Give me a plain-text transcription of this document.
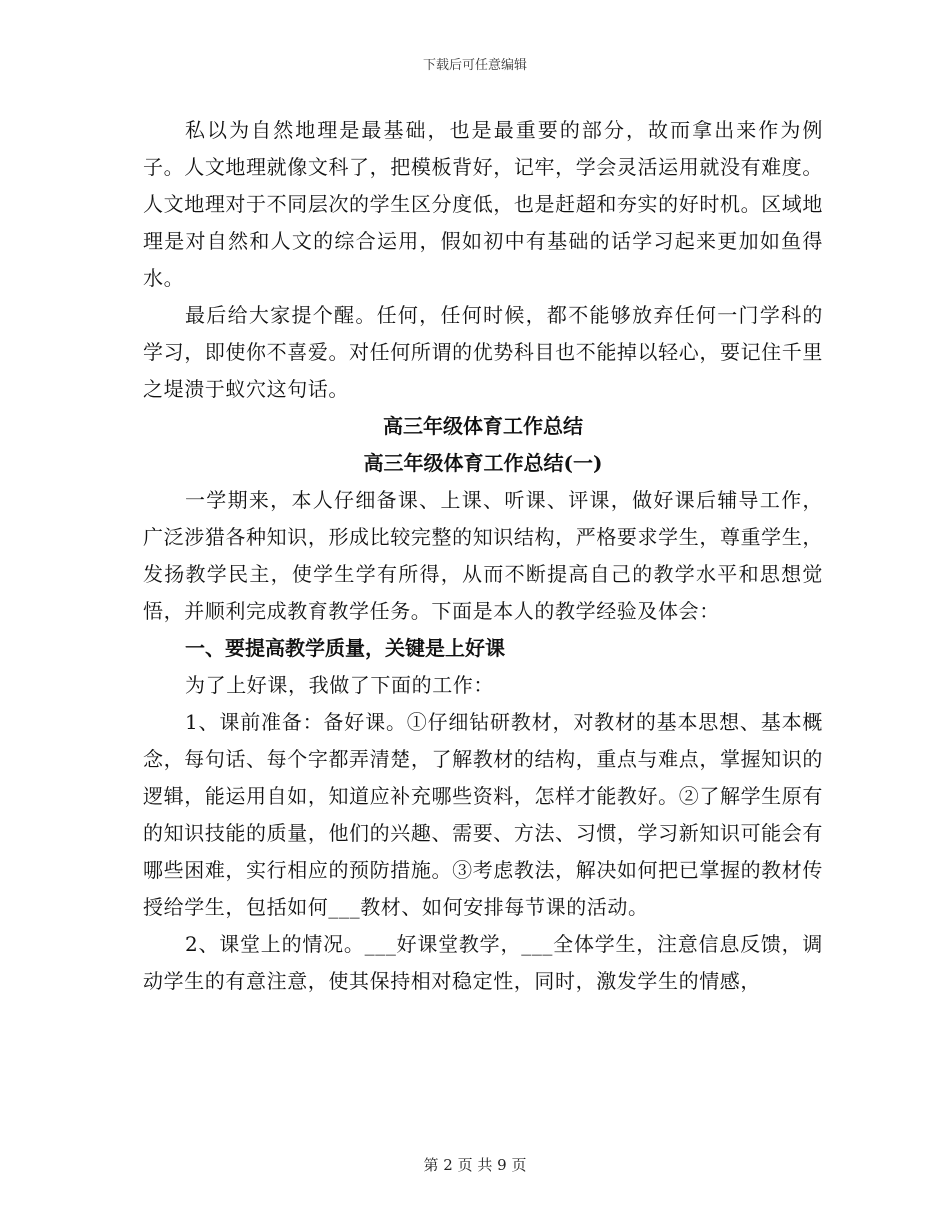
下载后可任意编辑

私以为自然地理是最基础，也是最重要的部分，故而拿出来作为例子。人文地理就像文科了，把模板背好，记牢，学会灵活运用就没有难度。人文地理对于不同层次的学生区分度低，也是赶超和夯实的好时机。区域地理是对自然和人文的综合运用，假如初中有基础的话学习起来更加如鱼得水。

最后给大家提个醒。任何，任何时候，都不能够放弃任何一门学科的学习，即使你不喜爱。对任何所谓的优势科目也不能掉以轻心，要记住千里之堤溃于蚁穴这句话。

高三年级体育工作总结
高三年级体育工作总结(一)

一学期来，本人仔细备课、上课、听课、评课，做好课后辅导工作，广泛涉猎各种知识，形成比较完整的知识结构，严格要求学生，尊重学生，发扬教学民主，使学生学有所得，从而不断提高自己的教学水平和思想觉悟，并顺利完成教育教学任务。下面是本人的教学经验及体会：

一、要提高教学质量，关键是上好课

为了上好课，我做了下面的工作：

1、课前准备：备好课。①仔细钻研教材，对教材的基本思想、基本概念，每句话、每个字都弄清楚，了解教材的结构，重点与难点，掌握知识的逻辑，能运用自如，知道应补充哪些资料，怎样才能教好。②了解学生原有的知识技能的质量，他们的兴趣、需要、方法、习惯，学习新知识可能会有哪些困难，实行相应的预防措施。③考虑教法，解决如何把已掌握的教材传授给学生，包括如何___教材、如何安排每节课的活动。

2、课堂上的情况。___好课堂教学，___全体学生，注意信息反馈，调动学生的有意注意，使其保持相对稳定性，同时，激发学生的情感，

第 2 页 共 9 页
